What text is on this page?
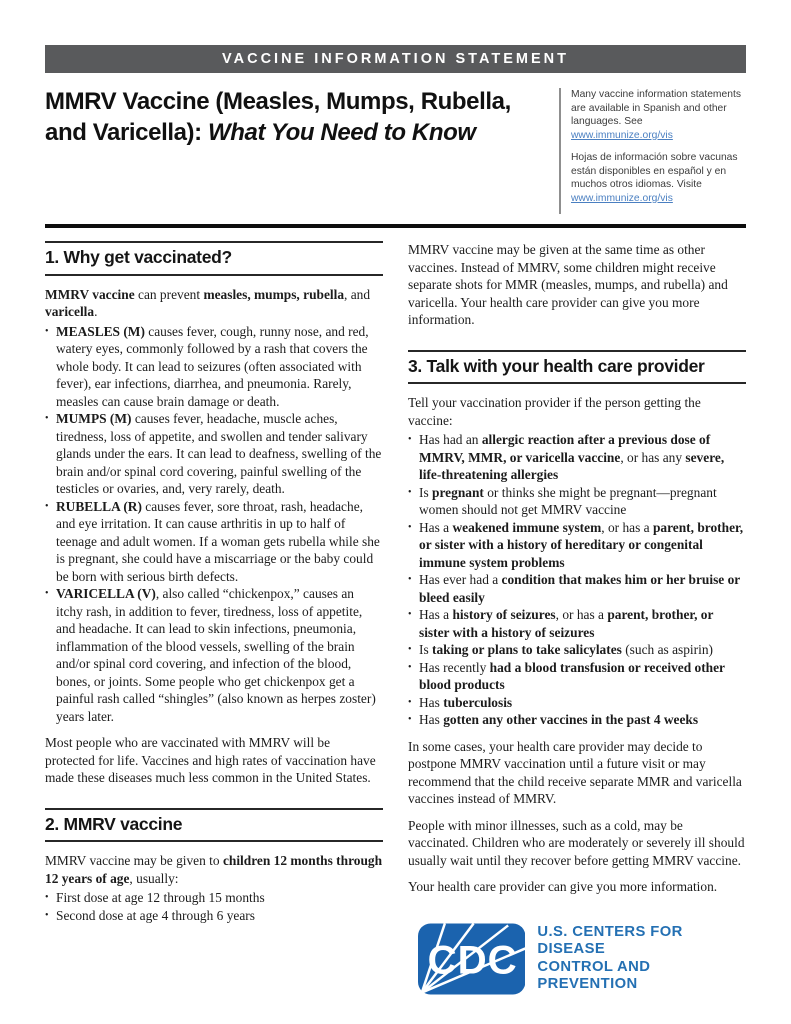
VACCINE INFORMATION STATEMENT
MMRV Vaccine (Measles, Mumps, Rubella, and Varicella): What You Need to Know

Many vaccine information statements are available in Spanish and other languages. See www.immunize.org/vis

Hojas de información sobre vacunas están disponibles en español y en muchos otros idiomas. Visite www.immunize.org/vis

1. Why get vaccinated?

MMRV vaccine can prevent measles, mumps, rubella, and varicella.

• MEASLES (M) causes fever, cough, runny nose, and red, watery eyes, commonly followed by a rash that covers the whole body. It can lead to seizures (often associated with fever), ear infections, diarrhea, and pneumonia. Rarely, measles can cause brain damage or death.
• MUMPS (M) causes fever, headache, muscle aches, tiredness, loss of appetite, and swollen and tender salivary glands under the ears. It can lead to deafness, swelling of the brain and/or spinal cord covering, painful swelling of the testicles or ovaries, and, very rarely, death.
• RUBELLA (R) causes fever, sore throat, rash, headache, and eye irritation. It can cause arthritis in up to half of teenage and adult women. If a woman gets rubella while she is pregnant, she could have a miscarriage or the baby could be born with serious birth defects.
• VARICELLA (V), also called “chickenpox,” causes an itchy rash, in addition to fever, tiredness, loss of appetite, and headache. It can lead to skin infections, pneumonia, inflammation of the blood vessels, swelling of the brain and/or spinal cord covering, and infection of the blood, bones, or joints. Some people who get chickenpox get a painful rash called “shingles” (also known as herpes zoster) years later.

Most people who are vaccinated with MMRV will be protected for life. Vaccines and high rates of vaccination have made these diseases much less common in the United States.

2. MMRV vaccine

MMRV vaccine may be given to children 12 months through 12 years of age, usually:

• First dose at age 12 through 15 months
• Second dose at age 4 through 6 years

MMRV vaccine may be given at the same time as other vaccines. Instead of MMRV, some children might receive separate shots for MMR (measles, mumps, and rubella) and varicella. Your health care provider can give you more information.

3. Talk with your health care provider

Tell your vaccination provider if the person getting the vaccine:

• Has had an allergic reaction after a previous dose of MMRV, MMR, or varicella vaccine, or has any severe, life-threatening allergies
• Is pregnant or thinks she might be pregnant—pregnant women should not get MMRV vaccine
• Has a weakened immune system, or has a parent, brother, or sister with a history of hereditary or congenital immune system problems
• Has ever had a condition that makes him or her bruise or bleed easily
• Has a history of seizures, or has a parent, brother, or sister with a history of seizures
• Is taking or plans to take salicylates (such as aspirin)
• Has recently had a blood transfusion or received other blood products
• Has tuberculosis
• Has gotten any other vaccines in the past 4 weeks

In some cases, your health care provider may decide to postpone MMRV vaccination until a future visit or may recommend that the child receive separate MMR and varicella vaccines instead of MMRV.

People with minor illnesses, such as a cold, may be vaccinated. Children who are moderately or severely ill should usually wait until they recover before getting MMRV vaccine.

Your health care provider can give you more information.

CDC
U.S. CENTERS FOR DISEASE
CONTROL AND PREVENTION
